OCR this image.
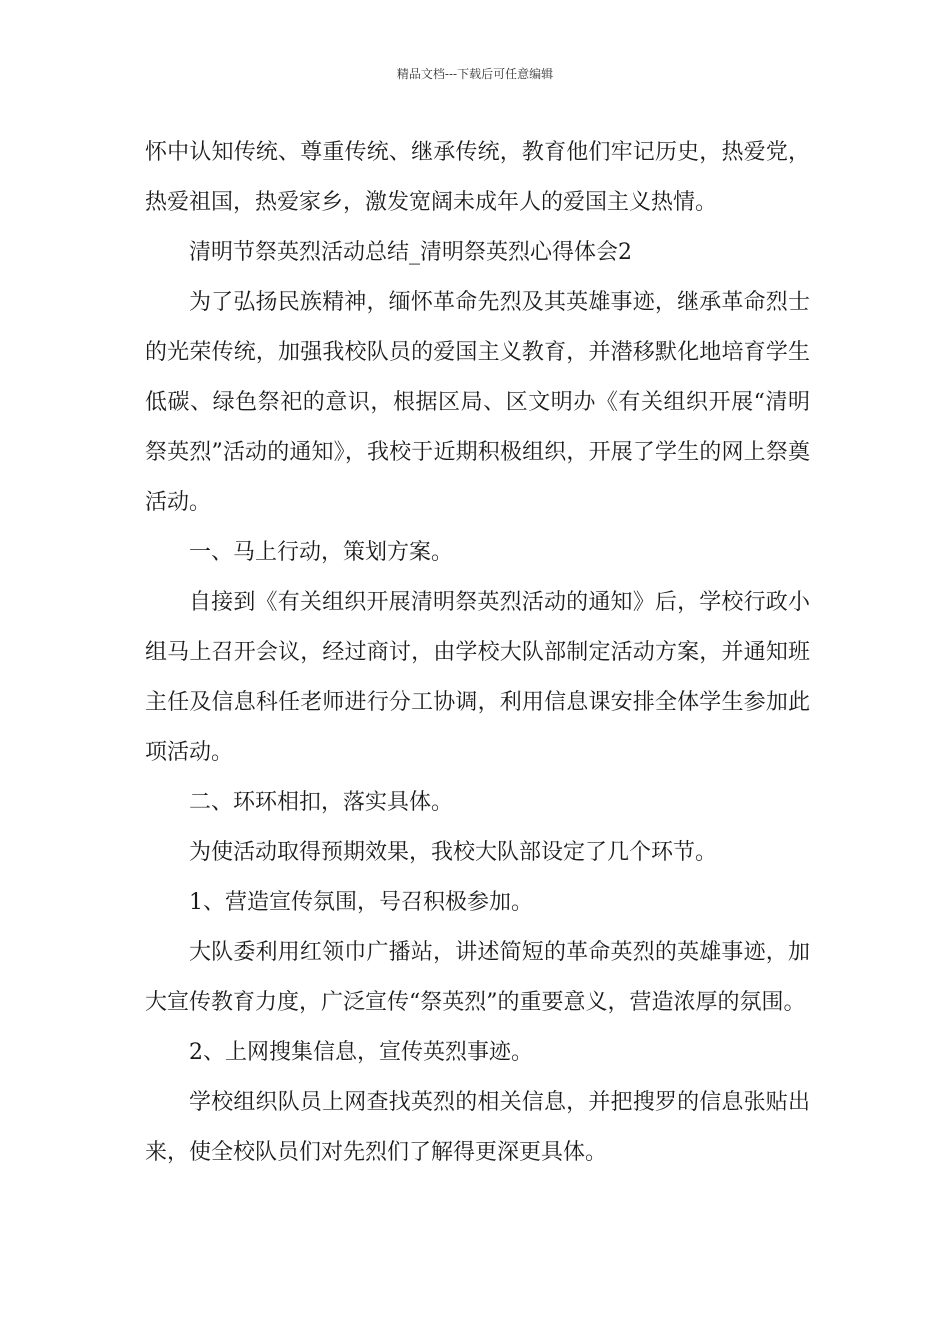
精品文档---下载后可任意编辑

怀中认知传统、尊重传统、继承传统，教育他们牢记历史，热爱党，热爱祖国，热爱家乡，激发宽阔未成年人的爱国主义热情。

清明节祭英烈活动总结_清明祭英烈心得体会2

为了弘扬民族精神，缅怀革命先烈及其英雄事迹，继承革命烈士的光荣传统，加强我校队员的爱国主义教育，并潜移默化地培育学生低碳、绿色祭祀的意识，根据区局、区文明办《有关组织开展“清明祭英烈”活动的通知》，我校于近期积极组织，开展了学生的网上祭奠活动。

一、马上行动，策划方案。

自接到《有关组织开展清明祭英烈活动的通知》后，学校行政小组马上召开会议，经过商讨，由学校大队部制定活动方案，并通知班主任及信息科任老师进行分工协调，利用信息课安排全体学生参加此项活动。

二、环环相扣，落实具体。

为使活动取得预期效果，我校大队部设定了几个环节。

1、营造宣传氛围，号召积极参加。

大队委利用红领巾广播站，讲述简短的革命英烈的英雄事迹，加大宣传教育力度，广泛宣传“祭英烈”的重要意义，营造浓厚的氛围。

2、上网搜集信息，宣传英烈事迹。

学校组织队员上网查找英烈的相关信息，并把搜罗的信息张贴出来，使全校队员们对先烈们了解得更深更具体。
